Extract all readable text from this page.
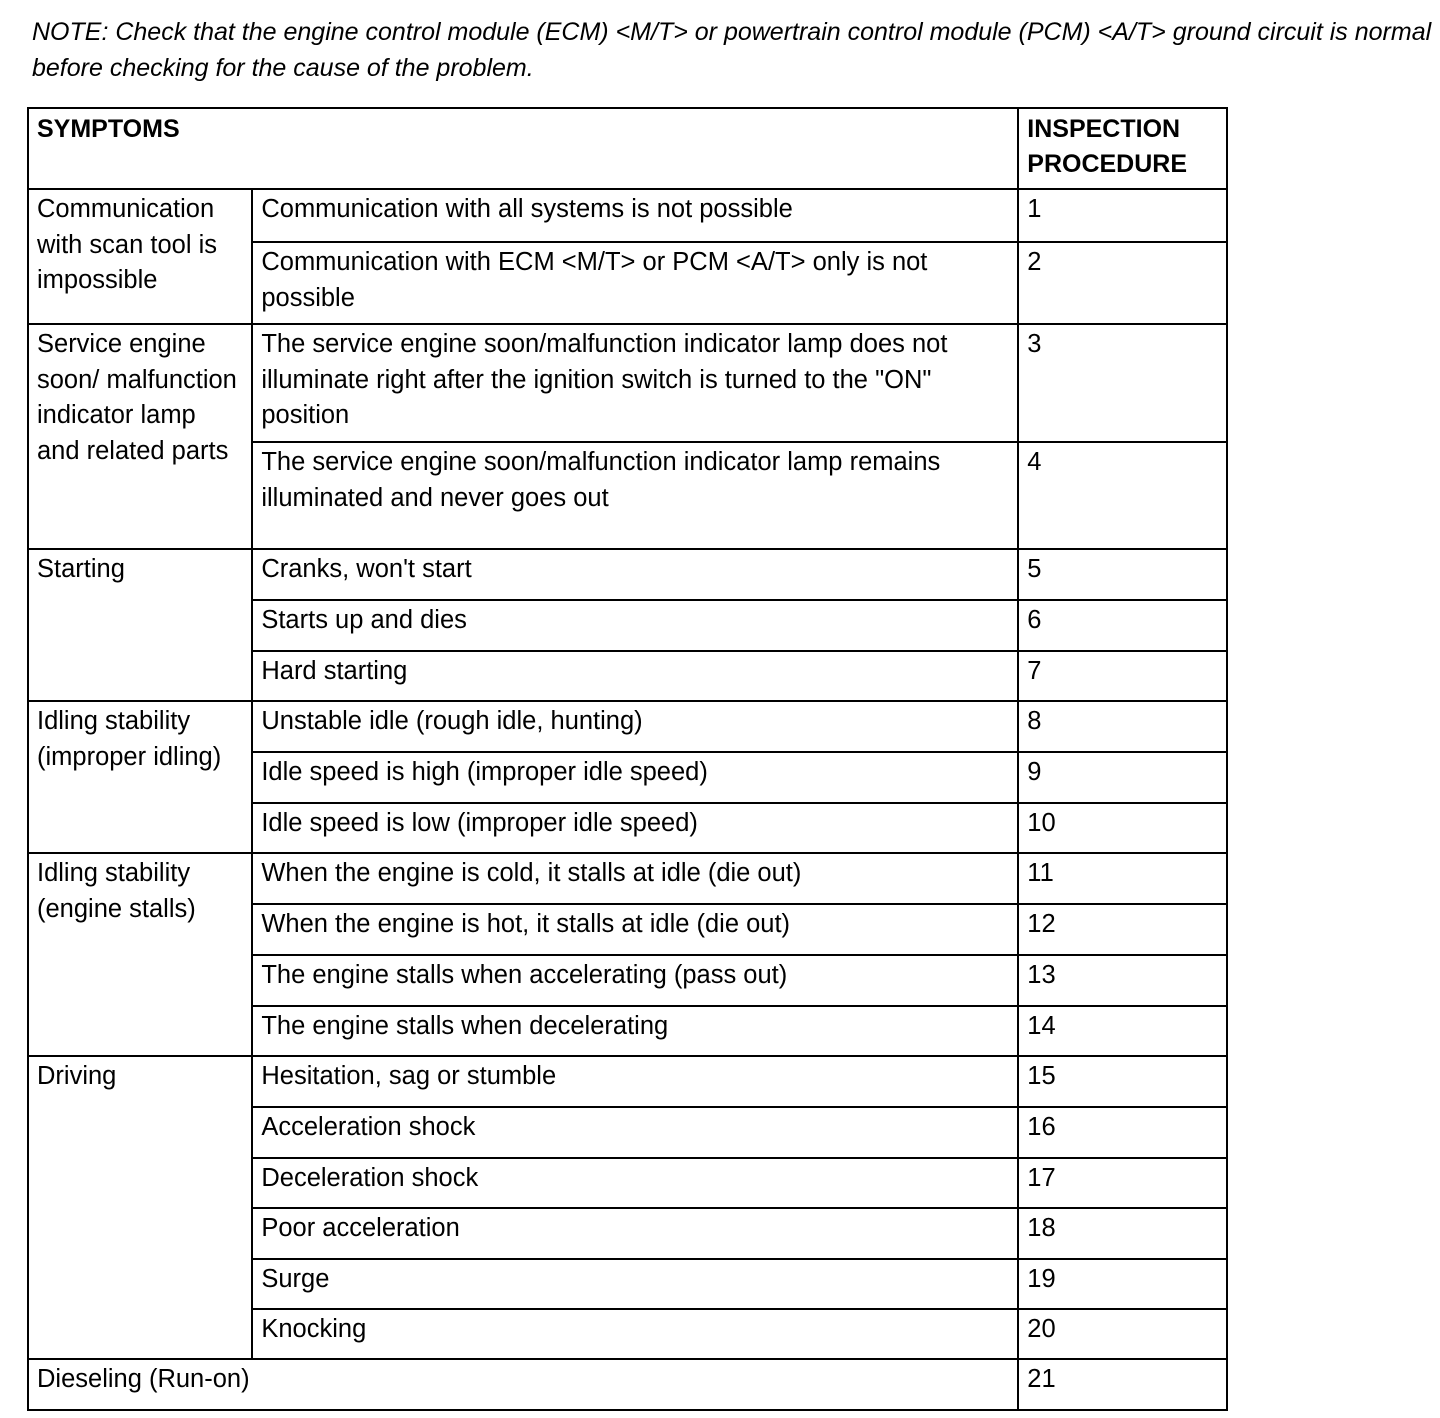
NOTE: Check that the engine control module (ECM) <M/T> or powertrain control module (PCM) <A/T> ground circuit is normal before checking for the cause of the problem.
SYMPTOMS		INSPECTION PROCEDURE
Communication with scan tool is impossible	Communication with all systems is not possible	1
	Communication with ECM <M/T> or PCM <A/T> only is not possible	2
Service engine soon/ malfunction indicator lamp and related parts	The service engine soon/malfunction indicator lamp does not illuminate right after the ignition switch is turned to the "ON" position	3
	The service engine soon/malfunction indicator lamp remains illuminated and never goes out	4
Starting	Cranks, won't start	5
	Starts up and dies	6
	Hard starting	7
Idling stability (improper idling)	Unstable idle (rough idle, hunting)	8
	Idle speed is high (improper idle speed)	9
	Idle speed is low (improper idle speed)	10
Idling stability (engine stalls)	When the engine is cold, it stalls at idle (die out)	11
	When the engine is hot, it stalls at idle (die out)	12
	The engine stalls when accelerating (pass out)	13
	The engine stalls when decelerating	14
Driving	Hesitation, sag or stumble	15
	Acceleration shock	16
	Deceleration shock	17
	Poor acceleration	18
	Surge	19
	Knocking	20
Dieseling (Run-on)		21
